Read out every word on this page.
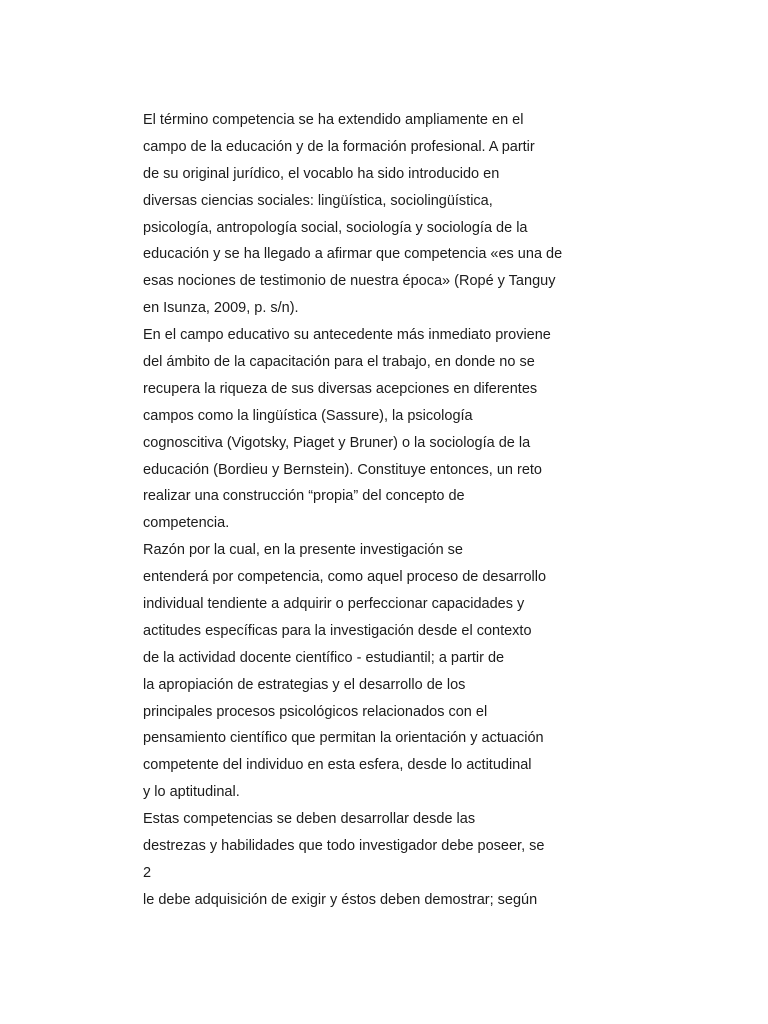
El término competencia se ha extendido ampliamente en el
campo de la educación y de la formación profesional. A partir
de su original jurídico, el vocablo ha sido introducido en
diversas ciencias sociales: lingüística, sociolingüística,
psicología, antropología social, sociología y sociología de la
educación y se ha llegado a afirmar que competencia «es una de
esas nociones de testimonio de nuestra época» (Ropé y Tanguy
en Isunza, 2009, p. s/n).
En el campo educativo su antecedente más inmediato proviene
del ámbito de la capacitación para el trabajo, en donde no se
recupera la riqueza de sus diversas acepciones en diferentes
campos como la lingüística (Sassure), la psicología
cognoscitiva (Vigotsky, Piaget y Bruner) o la sociología de la
educación (Bordieu y Bernstein). Constituye entonces, un reto
realizar una construcción “propia” del concepto de
competencia.
Razón por la cual, en la presente investigación se
entenderá por competencia, como aquel proceso de desarrollo
individual tendiente a adquirir o perfeccionar capacidades y
actitudes específicas para la investigación desde el contexto
de la actividad docente científico - estudiantil; a partir de
la apropiación de estrategias y el desarrollo de los
principales procesos psicológicos relacionados con el
pensamiento científico que permitan la orientación y actuación
competente del individuo en esta esfera, desde lo actitudinal
y lo aptitudinal.
Estas competencias se deben desarrollar desde las
destrezas y habilidades que todo investigador debe poseer, se
2
le debe adquisición de exigir y éstos deben demostrar; según
